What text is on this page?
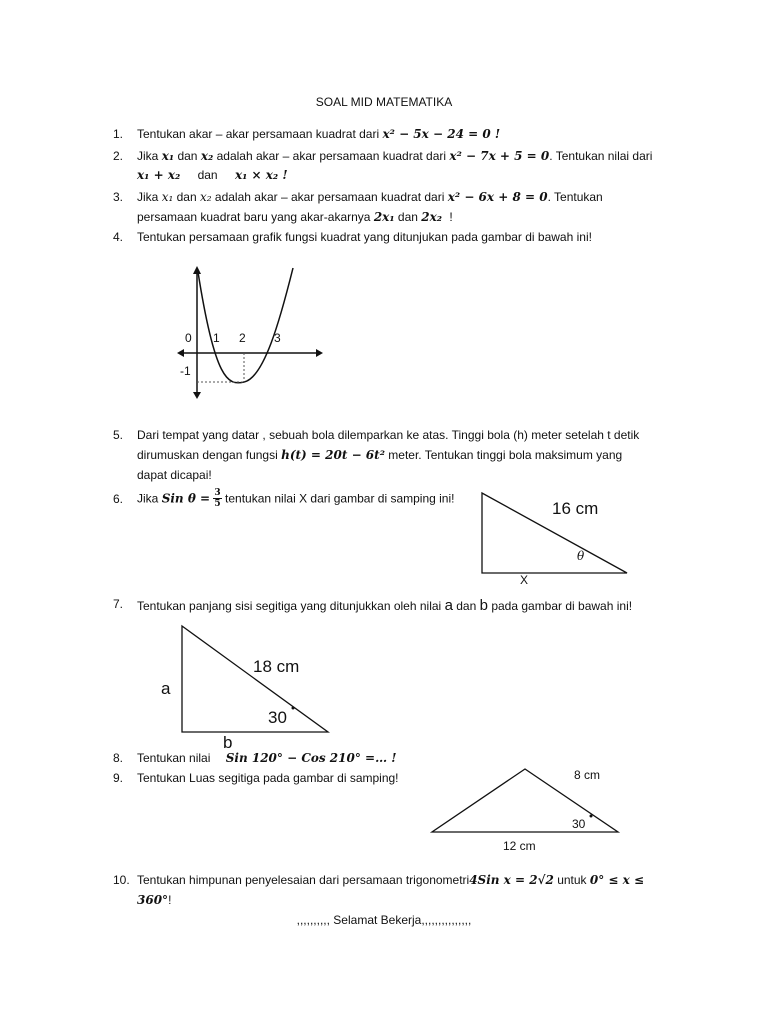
SOAL MID MATEMATIKA
1. Tentukan akar – akar persamaan kuadrat dari x² − 5x − 24 = 0 !
2. Jika x₁ dan x₂ adalah akar – akar persamaan kuadrat dari x² − 7x + 5 = 0. Tentukan nilai dari
x₁ + x₂ dan x₁ × x₂ !
3. Jika x₁ dan x₂ adalah akar – akar persamaan kuadrat dari x² − 6x + 8 = 0. Tentukan
persamaan kuadrat baru yang akar-akarnya 2x₁ dan 2x₂ !
4. Tentukan persamaan grafik fungsi kuadrat yang ditunjukan pada gambar di bawah ini!
0 1 2 3
-1
5. Dari tempat yang datar , sebuah bola dilemparkan ke atas. Tinggi bola (h) meter setelah t detik
dirumuskan dengan fungsi h(t) = 20t − 6t² meter. Tentukan tinggi bola maksimum yang
dapat dicapai!
6. Jika Sin $\theta = \frac{3}{5}$ tentukan nilai X dari gambar di samping ini!
16 cm
θ
X
7. Tentukan panjang sisi segitiga yang ditunjukkan oleh nilai a dan b pada gambar di bawah ini!
18 cm
a
30
b
8. Tentukan nilai Sin 120° − Cos 210° =… !
9. Tentukan Luas segitiga pada gambar di samping!	8 cm
30
12 cm
10. Tentukan himpunan penyelesaian dari persamaan trigonometri4Sin x = 2√2 untuk 0° ≤ x ≤
360°!
,,,,,,,,,, Selamat Bekerja,,,,,,,,,,,,,,,
